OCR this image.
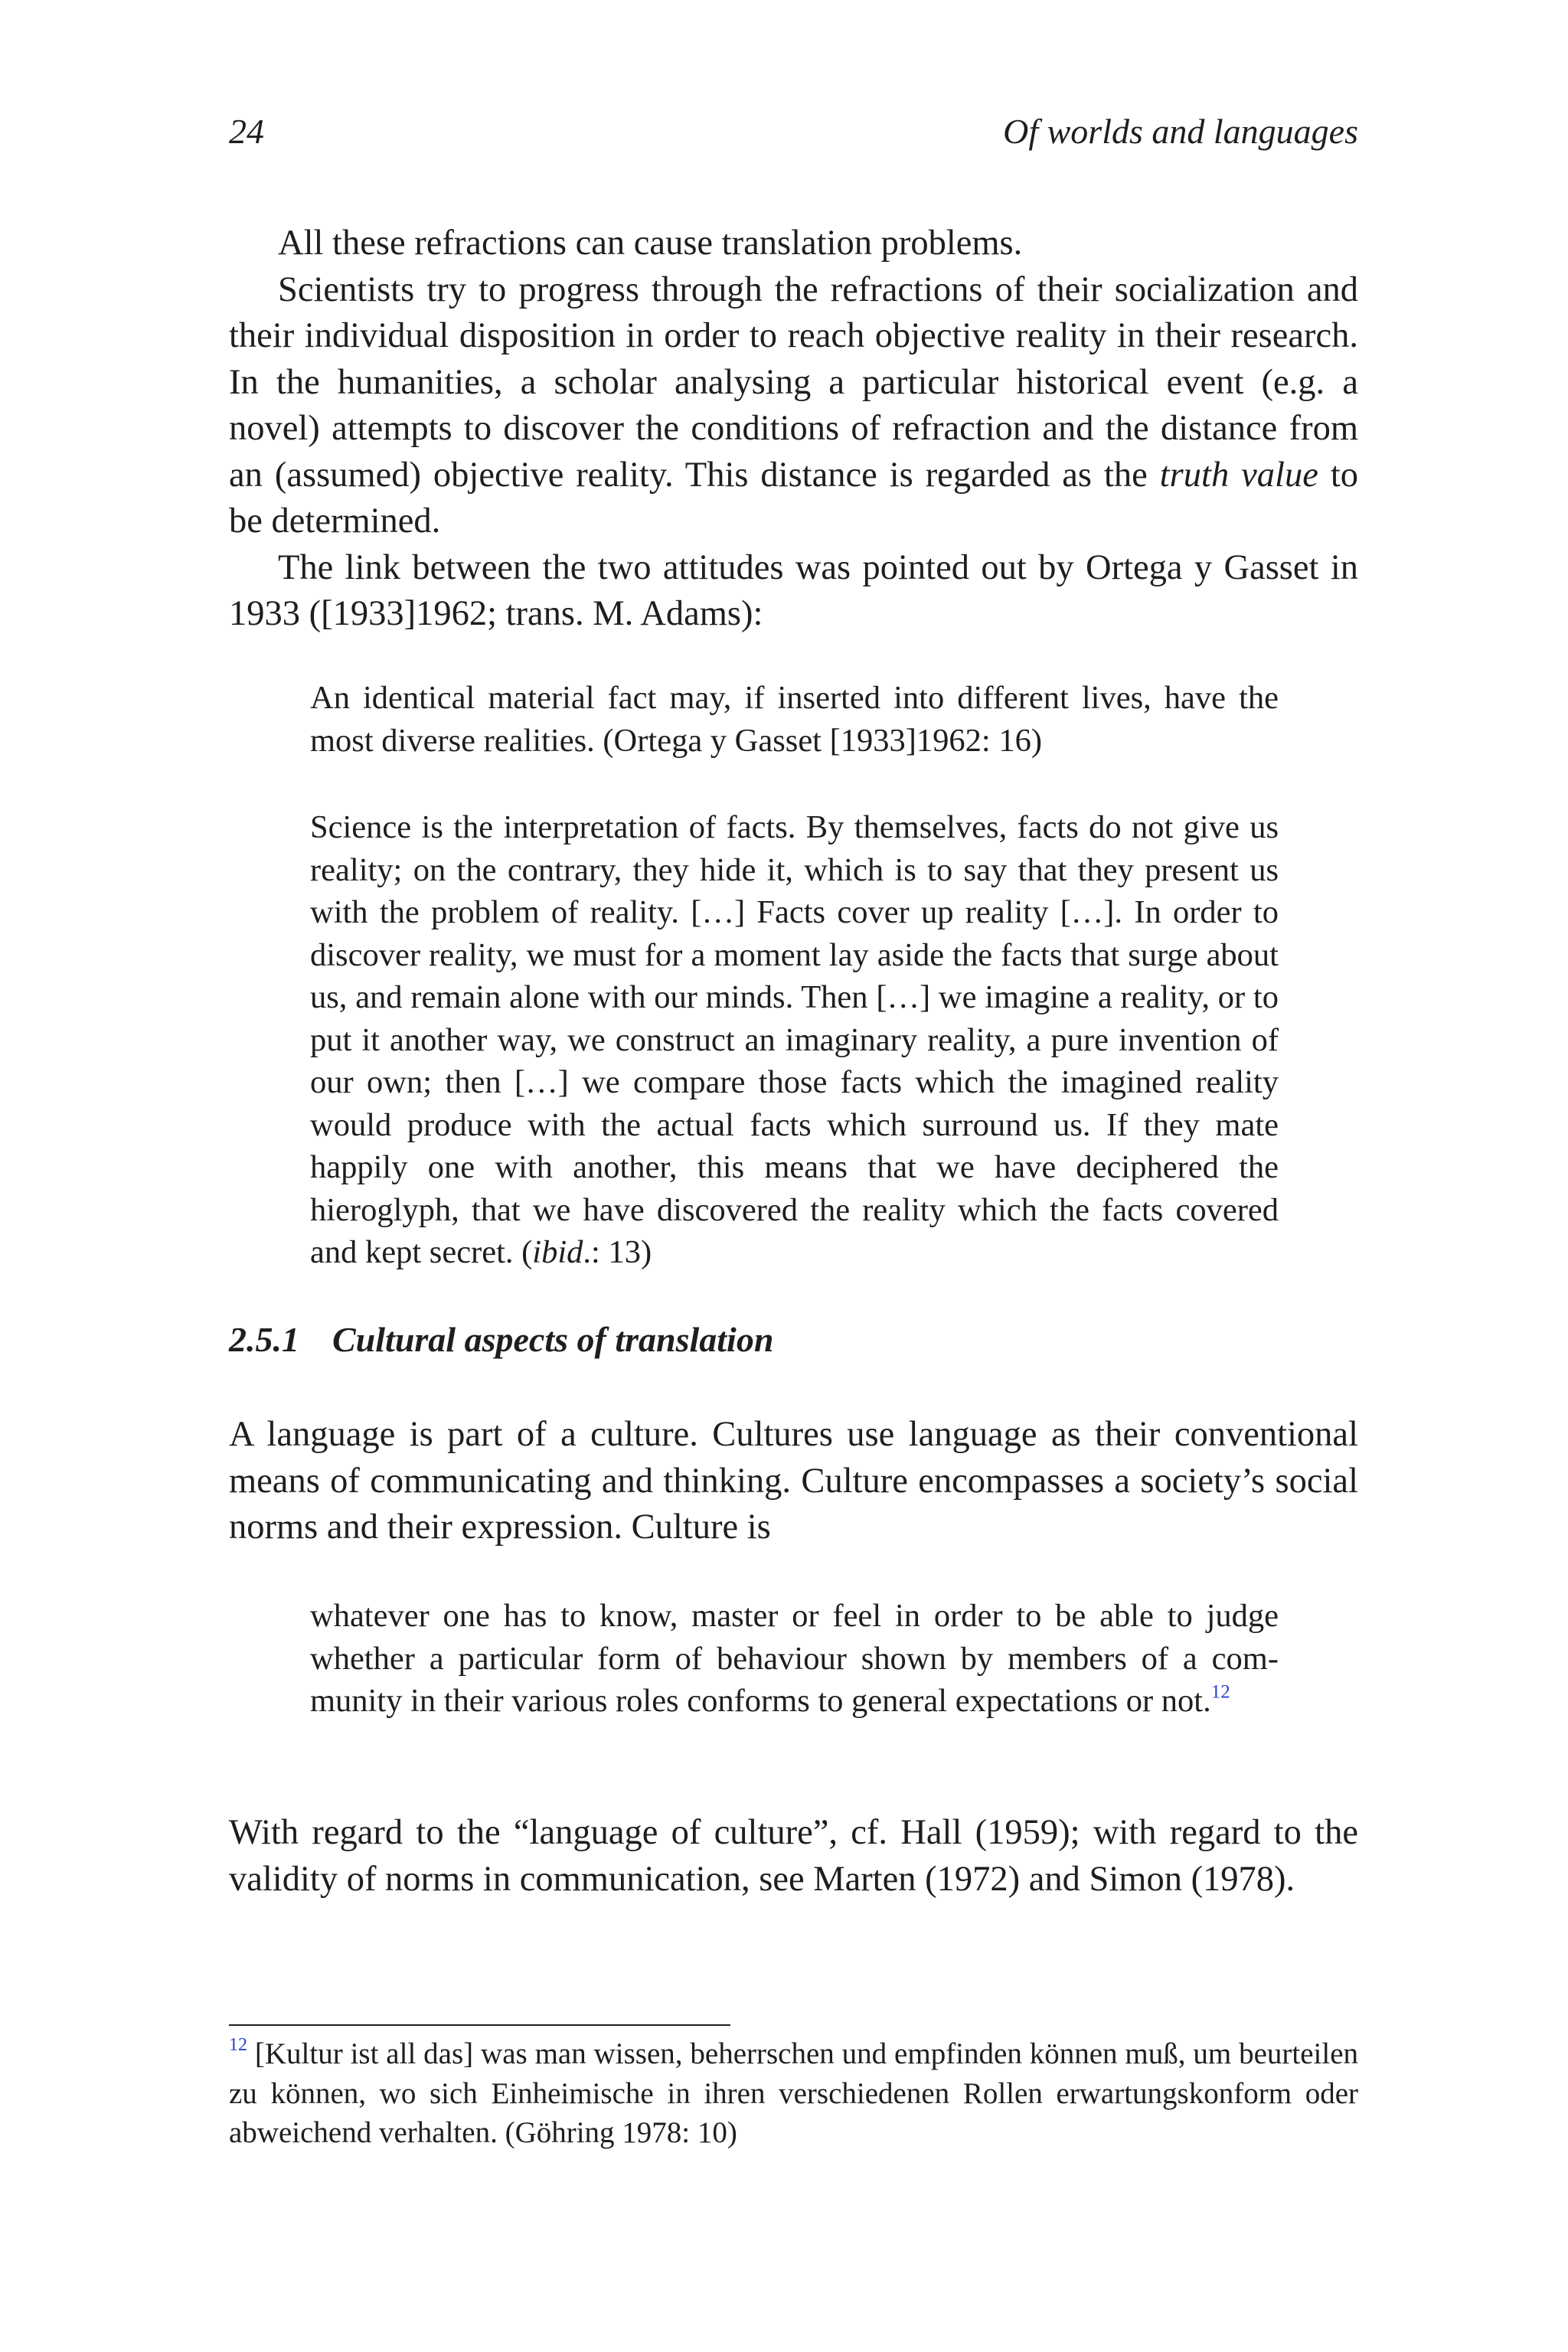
24	Of worlds and languages

All these refractions can cause translation problems.

Scientists try to progress through the refractions of their socialization and their individual disposition in order to reach objective reality in their research. In the humanities, a scholar analysing a particular historical event (e.g. a novel) attempts to discover the conditions of refraction and the distance from an (assumed) objective reality. This distance is regarded as the truth value to be determined.

The link between the two attitudes was pointed out by Ortega y Gasset in 1933 ([1933]1962; trans. M. Adams):

An identical material fact may, if inserted into different lives, have the most diverse realities. (Ortega y Gasset [1933]1962: 16)

Science is the interpretation of facts. By themselves, facts do not give us reality; on the contrary, they hide it, which is to say that they present us with the problem of reality. […] Facts cover up reality […]. In order to discover reality, we must for a moment lay aside the facts that surge about us, and remain alone with our minds. Then […] we imagine a reality, or to put it another way, we construct an imaginary reality, a pure invention of our own; then […] we compare those facts which the imagined reality would produce with the actual facts which surround us. If they mate happily one with another, this means that we have deciphered the hieroglyph, that we have discovered the reality which the facts covered and kept secret. (ibid.: 13)

2.5.1 Cultural aspects of translation

A language is part of a culture. Cultures use language as their conventional means of communicating and thinking. Culture encompasses a society’s social norms and their expression. Culture is

whatever one has to know, master or feel in order to be able to judge whether a particular form of behaviour shown by members of a community in their various roles conforms to general expectations or not.$^{12}$

With regard to the “language of culture”, cf. Hall (1959); with regard to the validity of norms in communication, see Marten (1972) and Simon (1978).

$^{12}$ [Kultur ist all das] was man wissen, beherrschen und empfinden können muß, um beurteilen zu können, wo sich Einheimische in ihren verschiedenen Rollen erwartungskonform oder abweichend verhalten. (Göhring 1978: 10)
